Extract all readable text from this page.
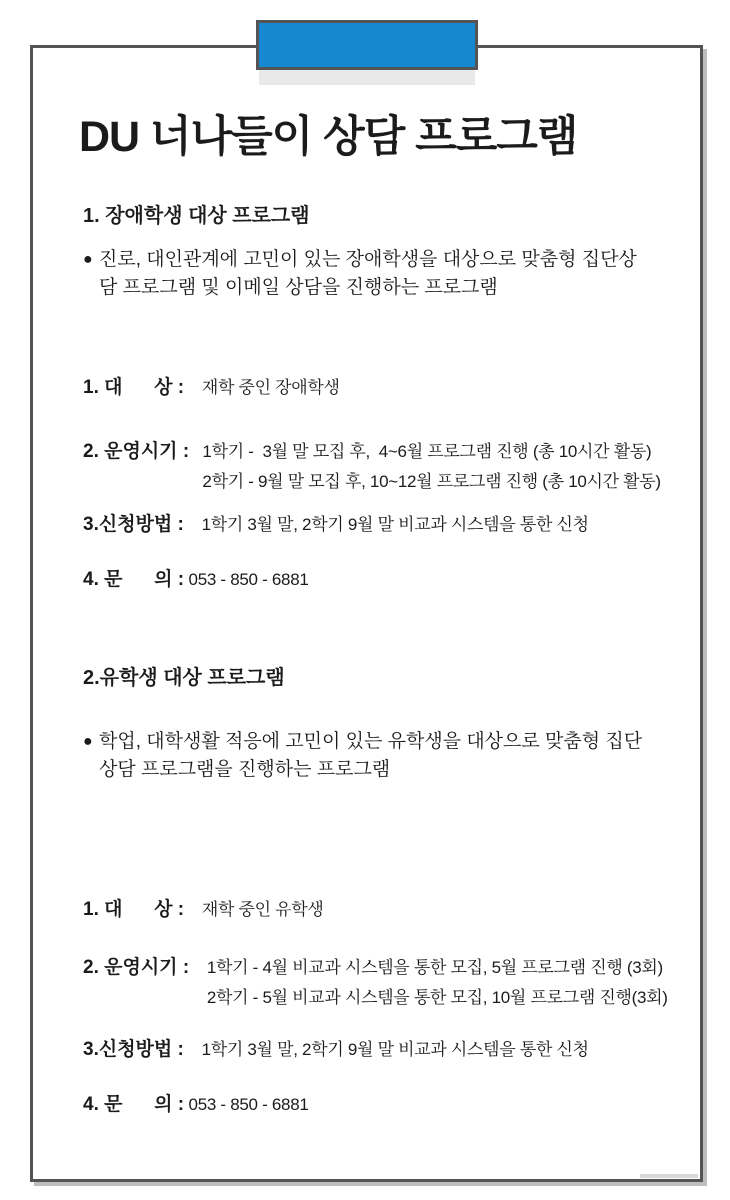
DU 너나들이 상담 프로그램
1. 장애학생 대상 프로그램
● 진로, 대인관계에 고민이 있는 장애학생을 대상으로 맞춤형 집단상
담 프로그램 및 이메일 상담을 진행하는 프로그램
1. 대      상 : 재학 중인 장애학생
2. 운영시기 : 1학기 -  3월 말 모집 후,  4~6월 프로그램 진행 (총 10시간 활동)
2학기 - 9월 말 모집 후, 10~12월 프로그램 진행 (총 10시간 활동)
3.신청방법 : 1학기 3월 말, 2학기 9월 말 비교과 시스템을 통한 신청
4. 문      의 : 053 - 850 - 6881
2.유학생 대상 프로그램
● 학업, 대학생활 적응에 고민이 있는 유학생을 대상으로 맞춤형 집단
상담 프로그램을 진행하는 프로그램
1. 대      상 : 재학 중인 유학생
2. 운영시기 : 1학기 - 4월 비교과 시스템을 통한 모집, 5월 프로그램 진행 (3회)
2학기 - 5월 비교과 시스템을 통한 모집, 10월 프로그램 진행(3회)
3.신청방법 : 1학기 3월 말, 2학기 9월 말 비교과 시스템을 통한 신청
4. 문      의 : 053 - 850 - 6881
